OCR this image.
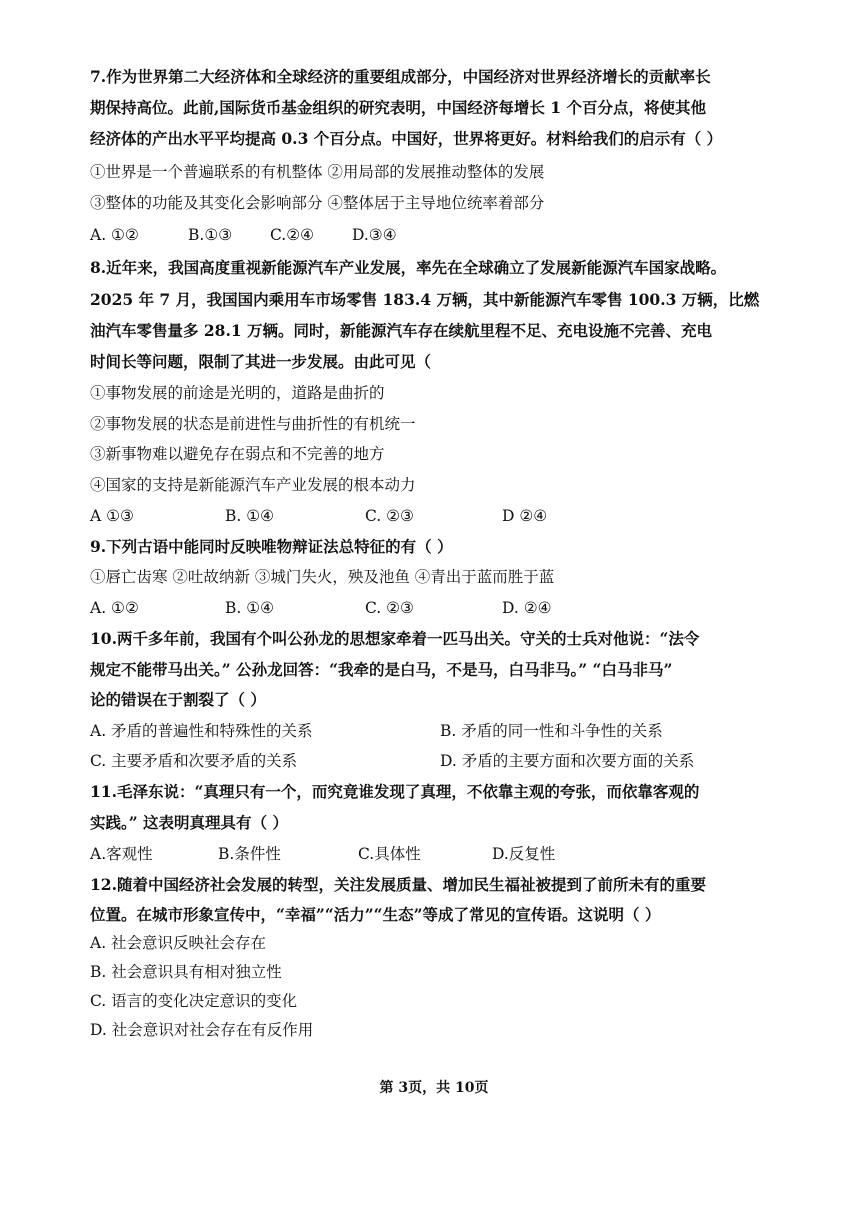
7.作为世界第二大经济体和全球经济的重要组成部分，中国经济对世界经济增长的贡献率长
期保持高位。此前,国际货币基金组织的研究表明，中国经济每增长 1 个百分点，将使其他
经济体的产出水平平均提高 0.3 个百分点。中国好，世界将更好。材料给我们的启示有（ ）
①世界是一个普遍联系的有机整体 ②用局部的发展推动整体的发展
③整体的功能及其变化会影响部分 ④整体居于主导地位统率着部分
A. ①②	B.①③ C.②④ D.③④
8.近年来，我国高度重视新能源汽车产业发展，率先在全球确立了发展新能源汽车国家战略。
2025 年 7 月，我国国内乘用车市场零售 183.4 万辆，其中新能源汽车零售 100.3 万辆，比燃
油汽车零售量多 28.1 万辆。同时，新能源汽车存在续航里程不足、充电设施不完善、充电
时间长等问题，限制了其进一步发展。由此可见（
①事物发展的前途是光明的，道路是曲折的
②事物发展的状态是前进性与曲折性的有机统一
③新事物难以避免存在弱点和不完善的地方
④国家的支持是新能源汽车产业发展的根本动力
A ①③	B. ①④	C. ②③	D ②④
9.下列古语中能同时反映唯物辩证法总特征的有（ ）
①唇亡齿寒 ②吐故纳新 ③城门失火，殃及池鱼 ④青出于蓝而胜于蓝
A. ①②	B. ①④	C. ②③	D. ②④
10.两千多年前，我国有个叫公孙龙的思想家牵着一匹马出关。守关的士兵对他说：“法令
规定不能带马出关。” 公孙龙回答：“我牵的是白马，不是马，白马非马。” “白马非马”
论的错误在于割裂了（ ）
A. 矛盾的普遍性和特殊性的关系	B. 矛盾的同一性和斗争性的关系
C. 主要矛盾和次要矛盾的关系	D. 矛盾的主要方面和次要方面的关系
11.毛泽东说：“真理只有一个，而究竟谁发现了真理，不依靠主观的夸张，而依靠客观的
实践。” 这表明真理具有（ ）
A.客观性	B.条件性	C.具体性	D.反复性
12.随着中国经济社会发展的转型，关注发展质量、增加民生福祉被提到了前所未有的重要
位置。在城市形象宣传中，“幸福”“活力”“生态”等成了常见的宣传语。这说明（ ）
A. 社会意识反映社会存在
B. 社会意识具有相对独立性
C. 语言的变化决定意识的变化
D. 社会意识对社会存在有反作用
第 3页，共 10页
